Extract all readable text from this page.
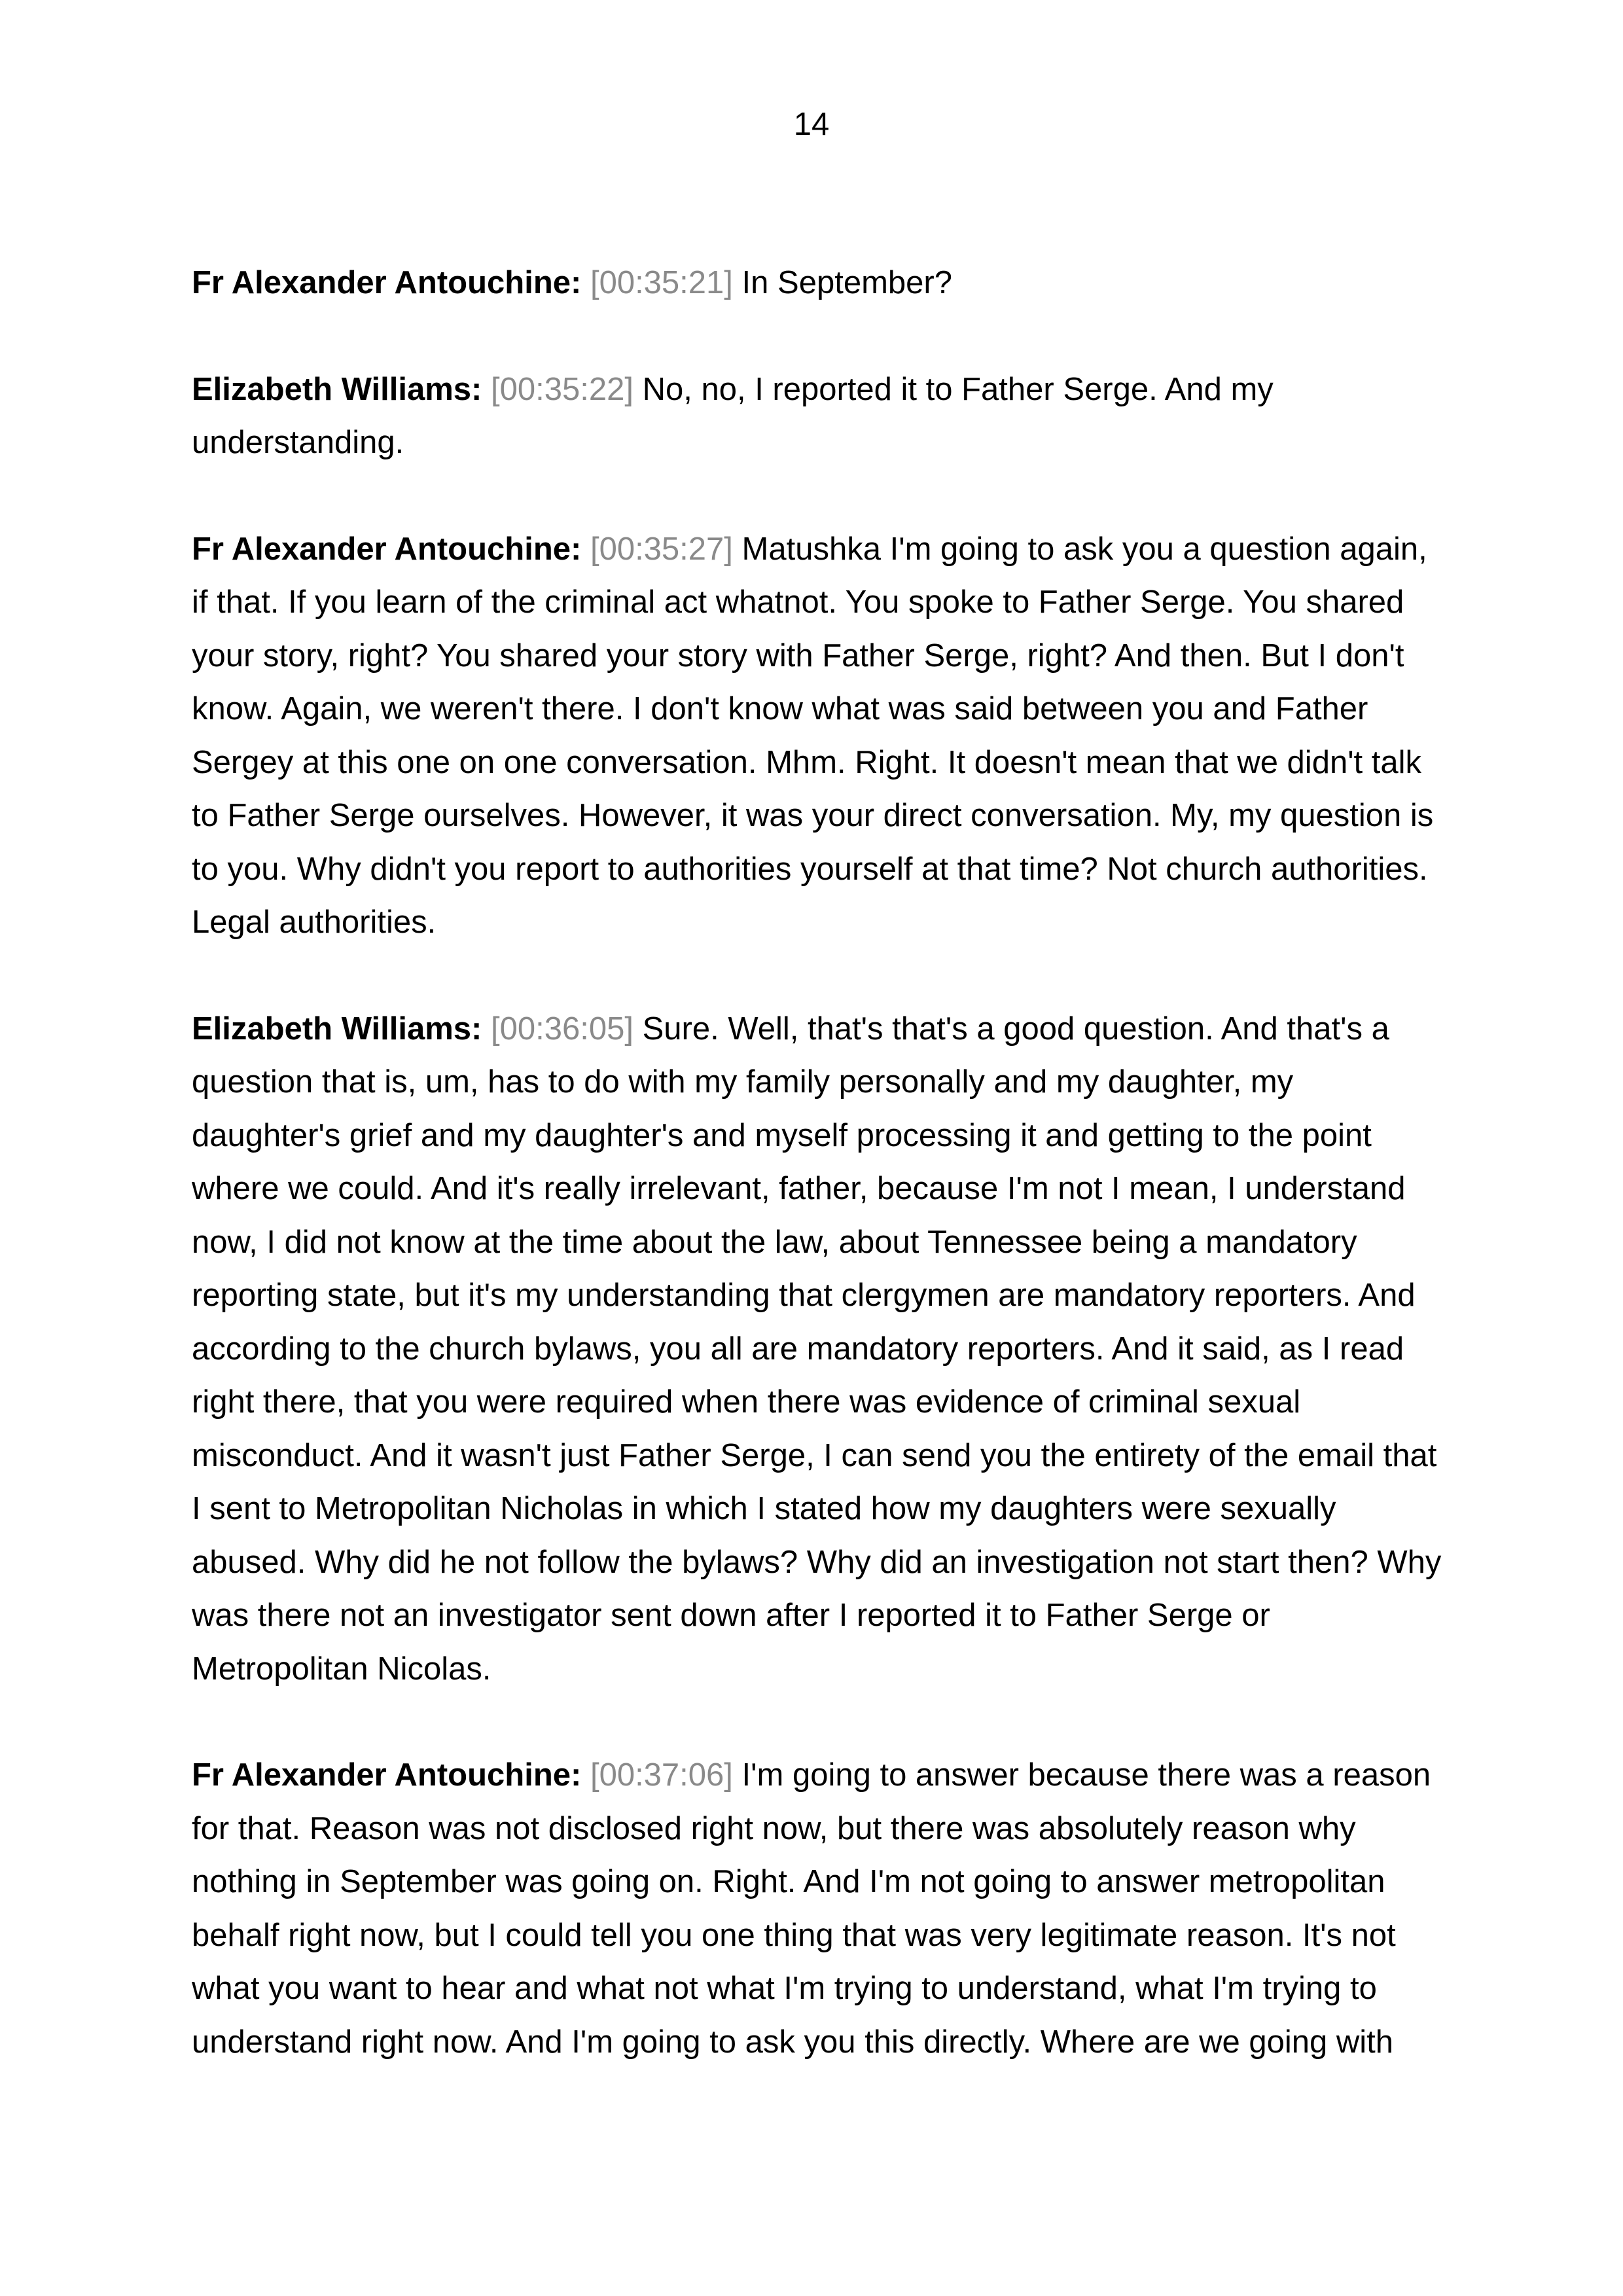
14

Fr Alexander Antouchine: [00:35:21] In September?

Elizabeth Williams: [00:35:22] No, no, I reported it to Father Serge. And my understanding.

Fr Alexander Antouchine: [00:35:27] Matushka I'm going to ask you a question again, if that. If you learn of the criminal act whatnot. You spoke to Father Serge. You shared your story, right? You shared your story with Father Serge, right? And then. But I don't know. Again, we weren't there. I don't know what was said between you and Father Sergey at this one on one conversation. Mhm. Right. It doesn't mean that we didn't talk to Father Serge ourselves. However, it was your direct conversation. My, my question is to you. Why didn't you report to authorities yourself at that time? Not church authorities. Legal authorities.

Elizabeth Williams: [00:36:05] Sure. Well, that's that's a good question. And that's a question that is, um, has to do with my family personally and my daughter, my daughter's grief and my daughter's and myself processing it and getting to the point where we could. And it's really irrelevant, father, because I'm not I mean, I understand now, I did not know at the time about the law, about Tennessee being a mandatory reporting state, but it's my understanding that clergymen are mandatory reporters. And according to the church bylaws, you all are mandatory reporters. And it said, as I read right there, that you were required when there was evidence of criminal sexual misconduct. And it wasn't just Father Serge, I can send you the entirety of the email that I sent to Metropolitan Nicholas in which I stated how my daughters were sexually abused. Why did he not follow the bylaws? Why did an investigation not start then? Why was there not an investigator sent down after I reported it to Father Serge or Metropolitan Nicolas.

Fr Alexander Antouchine: [00:37:06] I'm going to answer because there was a reason for that. Reason was not disclosed right now, but there was absolutely reason why nothing in September was going on. Right. And I'm not going to answer metropolitan behalf right now, but I could tell you one thing that was very legitimate reason. It's not what you want to hear and what not what I'm trying to understand, what I'm trying to understand right now. And I'm going to ask you this directly. Where are we going with
